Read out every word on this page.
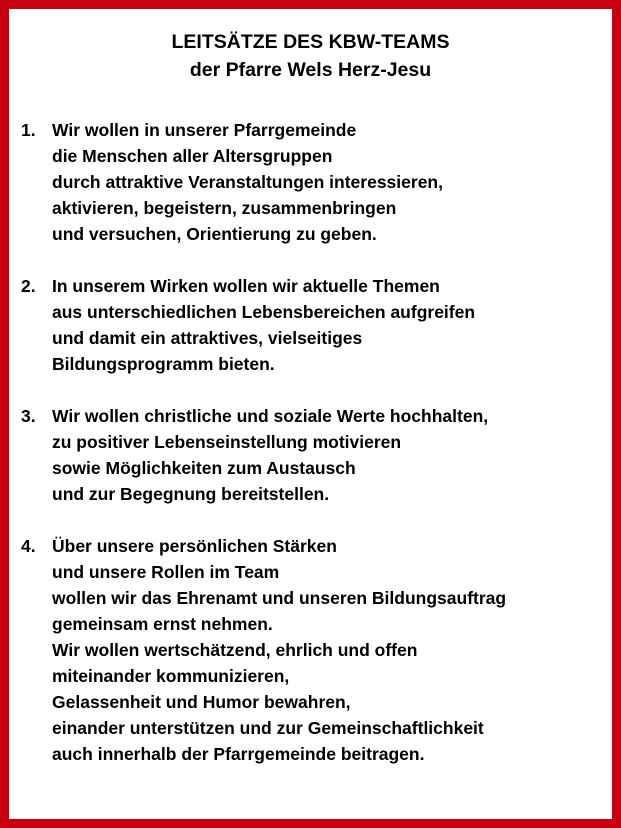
LEITSÄTZE DES KBW-TEAMS
der Pfarre Wels Herz-Jesu
1. Wir wollen in unserer Pfarrgemeinde
die Menschen aller Altersgruppen
durch attraktive Veranstaltungen interessieren,
aktivieren, begeistern, zusammenbringen
und versuchen, Orientierung zu geben.
2. In unserem Wirken wollen wir aktuelle Themen
aus unterschiedlichen Lebensbereichen aufgreifen
und damit ein attraktives, vielseitiges
Bildungsprogramm bieten.
3. Wir wollen christliche und soziale Werte hochhalten,
zu positiver Lebenseinstellung motivieren
sowie Möglichkeiten zum Austausch
und zur Begegnung bereitstellen.
4. Über unsere persönlichen Stärken
und unsere Rollen im Team
wollen wir das Ehrenamt und unseren Bildungsauftrag
gemeinsam ernst nehmen.
Wir wollen wertschätzend, ehrlich und offen
miteinander kommunizieren,
Gelassenheit und Humor bewahren,
einander unterstützen und zur Gemeinschaftlichkeit
auch innerhalb der Pfarrgemeinde beitragen.
